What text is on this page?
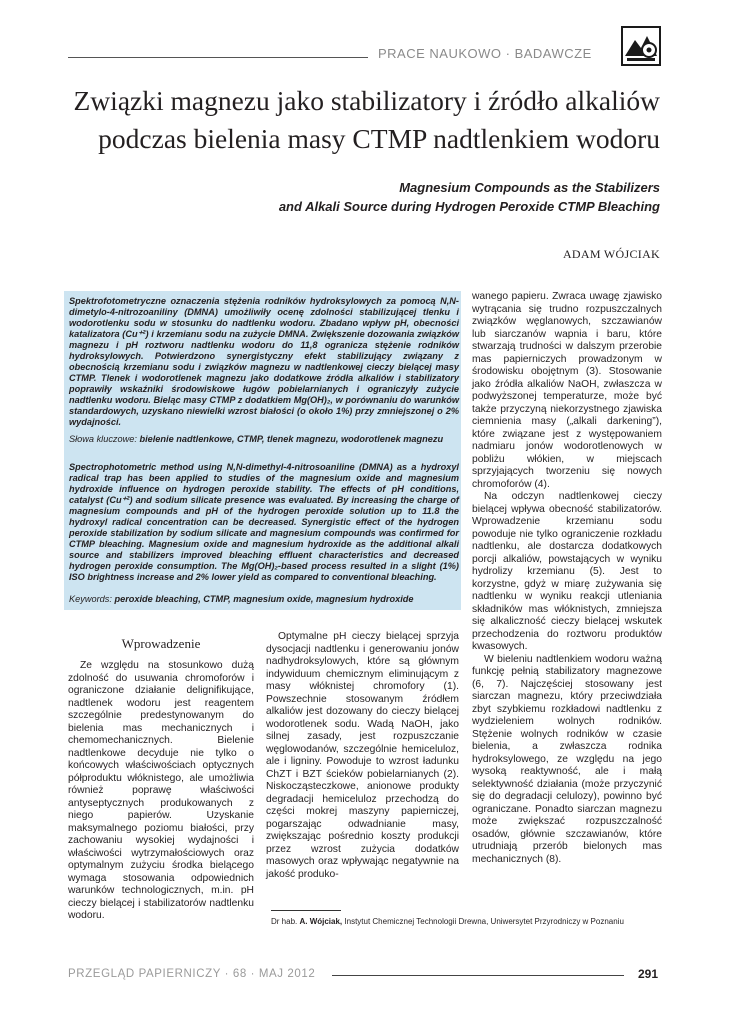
PRACE NAUKOWO · BADAWCZE
Związki magnezu jako stabilizatory i źródło alkaliów
podczas bielenia masy CTMP nadtlenkiem wodoru
Magnesium Compounds as the Stabilizers
and Alkali Source during Hydrogen Peroxide CTMP Bleaching
ADAM WÓJCIAK
Spektrofotometryczne oznaczenia stężenia rodników hydroksylowych za pomocą N,N-dimetylo-4-nitrozoaniliny (DMNA) umożliwiły ocenę zdolności stabilizującej tlenku i wodorotlenku sodu w stosunku do nadtlenku wodoru. Zbadano wpływ pH, obecności katalizatora (Cu⁺²) i krzemianu sodu na zużycie DMNA. Zwiększenie dozowania związków magnezu i pH roztworu nadtlenku wodoru do 11,8 ogranicza stężenie rodników hydroksylowych. Potwierdzono synergistyczny efekt stabilizujący związany z obecnością krzemianu sodu i związków magnezu w nadtlenkowej cieczy bielącej masy CTMP. Tlenek i wodorotlenek magnezu jako dodatkowe źródła alkaliów i stabilizatory poprawiły wskaźniki środowiskowe ługów pobielarnianych i ograniczyły zużycie nadtlenku wodoru. Bieląc masy CTMP z dodatkiem Mg(OH)₂, w porównaniu do warunków standardowych, uzyskano niewielki wzrost białości (o około 1%) przy zmniejszonej o 2% wydajności.
Słowa kluczowe: bielenie nadtlenkowe, CTMP, tlenek magnezu, wodorotlenek magnezu
Spectrophotometric method using N,N-dimethyl-4-nitrosoaniline (DMNA) as a hydroxyl radical trap has been applied to studies of the magnesium oxide and magnesium hydroxide influence on hydrogen peroxide stability. The effects of pH conditions, catalyst (Cu⁺²) and sodium silicate presence was evaluated. By increasing the charge of magnesium compounds and pH of the hydrogen peroxide solution up to 11.8 the hydroxyl radical concentration can be decreased. Synergistic effect of the hydrogen peroxide stabilization by sodium silicate and magnesium compounds was confirmed for CTMP bleaching. Magnesium oxide and magnesium hydroxide as the additional alkali source and stabilizers improved bleaching effluent characteristics and decreased hydrogen peroxide consumption. The Mg(OH)₂-based process resulted in a slight (1%) ISO brightness increase and 2% lower yield as compared to conventional bleaching.
Keywords: peroxide bleaching, CTMP, magnesium oxide, magnesium hydroxide
Wprowadzenie

Ze względu na stosunkowo dużą zdolność do usuwania chromoforów i ograniczone działanie delignifikujące, nadtlenek wodoru jest reagentem szczególnie predestynowanym do bielenia mas mechanicznych i chemomechanicznych. Bielenie nadtlenkowe decyduje nie tylko o końcowych właściwościach optycznych półproduktu włóknistego, ale umożliwia również poprawę właściwości antyseptycznych produkowanych z niego papierów. Uzyskanie maksymalnego poziomu białości, przy zachowaniu wysokiej wydajności i właściwości wytrzymałościowych oraz optymalnym zużyciu środka bielącego wymaga stosowania odpowiednich warunków technologicznych, m.in. pH cieczy bielącej i stabilizatorów nadtlenku wodoru.

Optymalne pH cieczy bielącej sprzyja dysocjacji nadtlenku i generowaniu jonów nadhydroksylowych, które są głównym indywiduum chemicznym eliminującym z masy włóknistej chromofory (1). Powszechnie stosowanym źródłem alkaliów jest dozowany do cieczy bielącej wodorotlenek sodu. Wadą NaOH, jako silnej zasady, jest rozpuszczanie węglowodanów, szczególnie hemiceluloz, ale i ligniny. Powoduje to wzrost ładunku ChZT i BZT ścieków pobielarnianych (2). Niskocząsteczkowe, anionowe produkty degradacji hemiceluloz przechodzą do części mokrej maszyny papierniczej, pogarszając odwadnianie masy, zwiększając pośrednio koszty produkcji przez wzrost zużycia dodatków masowych oraz wpływając negatywnie na jakość produko-

wanego papieru. Zwraca uwagę zjawisko wytrącania się trudno rozpuszczalnych związków węglanowych, szczawianów lub siarczanów wapnia i baru, które stwarzają trudności w dalszym przerobie mas papierniczych prowadzonym w środowisku obojętnym (3). Stosowanie jako źródła alkaliów NaOH, zwłaszcza w podwyższonej temperaturze, może być także przyczyną niekorzystnego zjawiska ciemnienia masy („alkali darkening”), które związane jest z występowaniem nadmiaru jonów wodorotlenowych w pobliżu włókien, w miejscach sprzyjających tworzeniu się nowych chromoforów (4).

Na odczyn nadtlenkowej cieczy bielącej wpływa obecność stabilizatorów. Wprowadzenie krzemianu sodu powoduje nie tylko ograniczenie rozkładu nadtlenku, ale dostarcza dodatkowych porcji alkaliów, powstających w wyniku hydrolizy krzemianu (5). Jest to korzystne, gdyż w miarę zużywania się nadtlenku w wyniku reakcji utleniania składników mas włóknistych, zmniejsza się alkaliczność cieczy bielącej wskutek przechodzenia do roztworu produktów kwasowych.

W bieleniu nadtlenkiem wodoru ważną funkcję pełnią stabilizatory magnezowe (6, 7). Najczęściej stosowany jest siarczan magnezu, który przeciwdziała zbyt szybkiemu rozkładowi nadtlenku z wydzieleniem wolnych rodników. Stężenie wolnych rodników w czasie bielenia, a zwłaszcza rodnika hydroksylowego, ze względu na jego wysoką reaktywność, ale i małą selektywność działania (może przyczynić się do degradacji celulozy), powinno być ograniczane. Ponadto siarczan magnezu może zwiększać rozpuszczalność osadów, głównie szczawianów, które utrudniają przerób bielonych mas mechanicznych (8).

Dr hab. A. Wójciak, Instytut Chemicznej Technologii Drewna, Uniwersytet Przyrodniczy w Poznaniu
PRZEGLĄD PAPIERNICZY · 68 · MAJ 2012	291
